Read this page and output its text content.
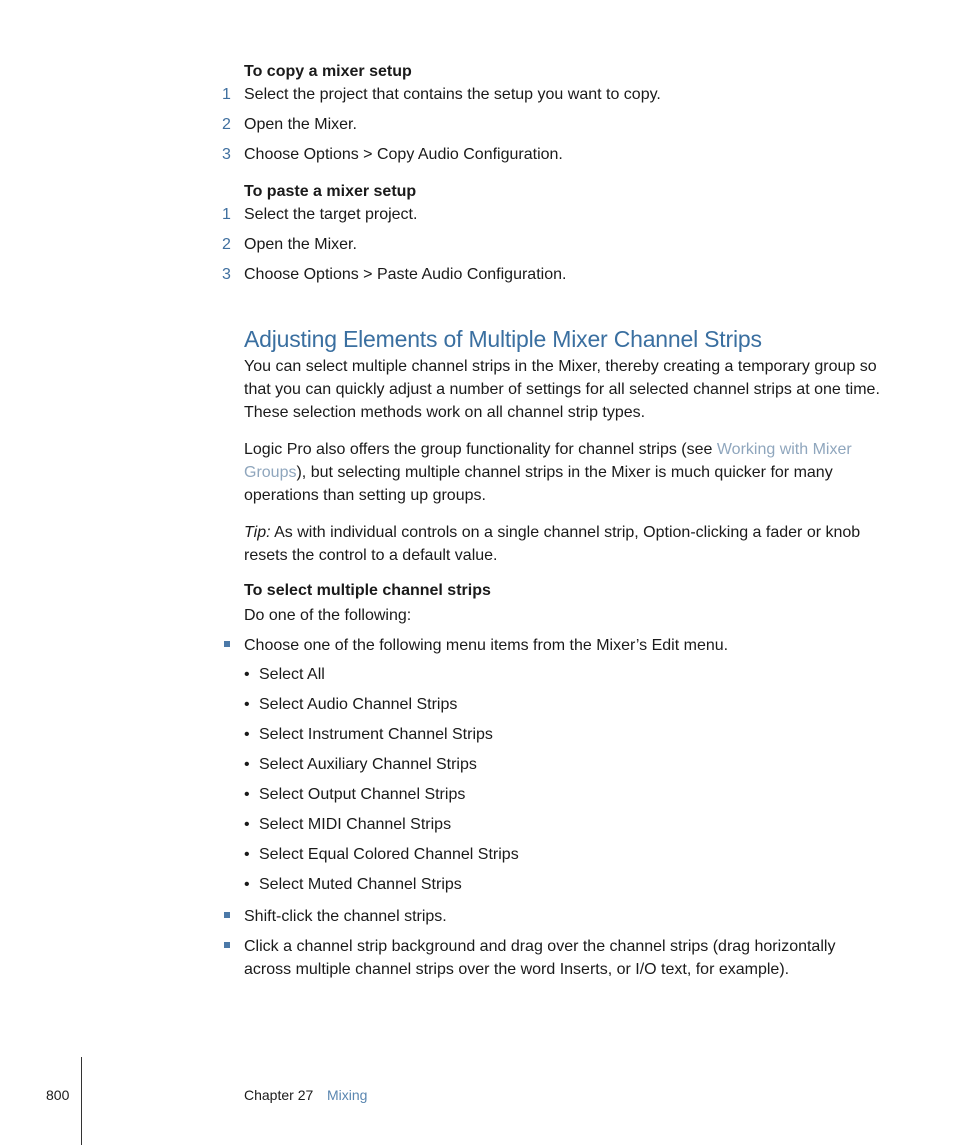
To copy a mixer setup
1 Select the project that contains the setup you want to copy.
2 Open the Mixer.
3 Choose Options > Copy Audio Configuration.
To paste a mixer setup
1 Select the target project.
2 Open the Mixer.
3 Choose Options > Paste Audio Configuration.
Adjusting Elements of Multiple Mixer Channel Strips
You can select multiple channel strips in the Mixer, thereby creating a temporary group so that you can quickly adjust a number of settings for all selected channel strips at one time. These selection methods work on all channel strip types.
Logic Pro also offers the group functionality for channel strips (see Working with Mixer Groups), but selecting multiple channel strips in the Mixer is much quicker for many operations than setting up groups.
Tip: As with individual controls on a single channel strip, Option-clicking a fader or knob resets the control to a default value.
To select multiple channel strips
Do one of the following:
Choose one of the following menu items from the Mixer’s Edit menu.
• Select All
• Select Audio Channel Strips
• Select Instrument Channel Strips
• Select Auxiliary Channel Strips
• Select Output Channel Strips
• Select MIDI Channel Strips
• Select Equal Colored Channel Strips
• Select Muted Channel Strips
Shift-click the channel strips.
Click a channel strip background and drag over the channel strips (drag horizontally across multiple channel strips over the word Inserts, or I/O text, for example).
800	Chapter 27 Mixing
